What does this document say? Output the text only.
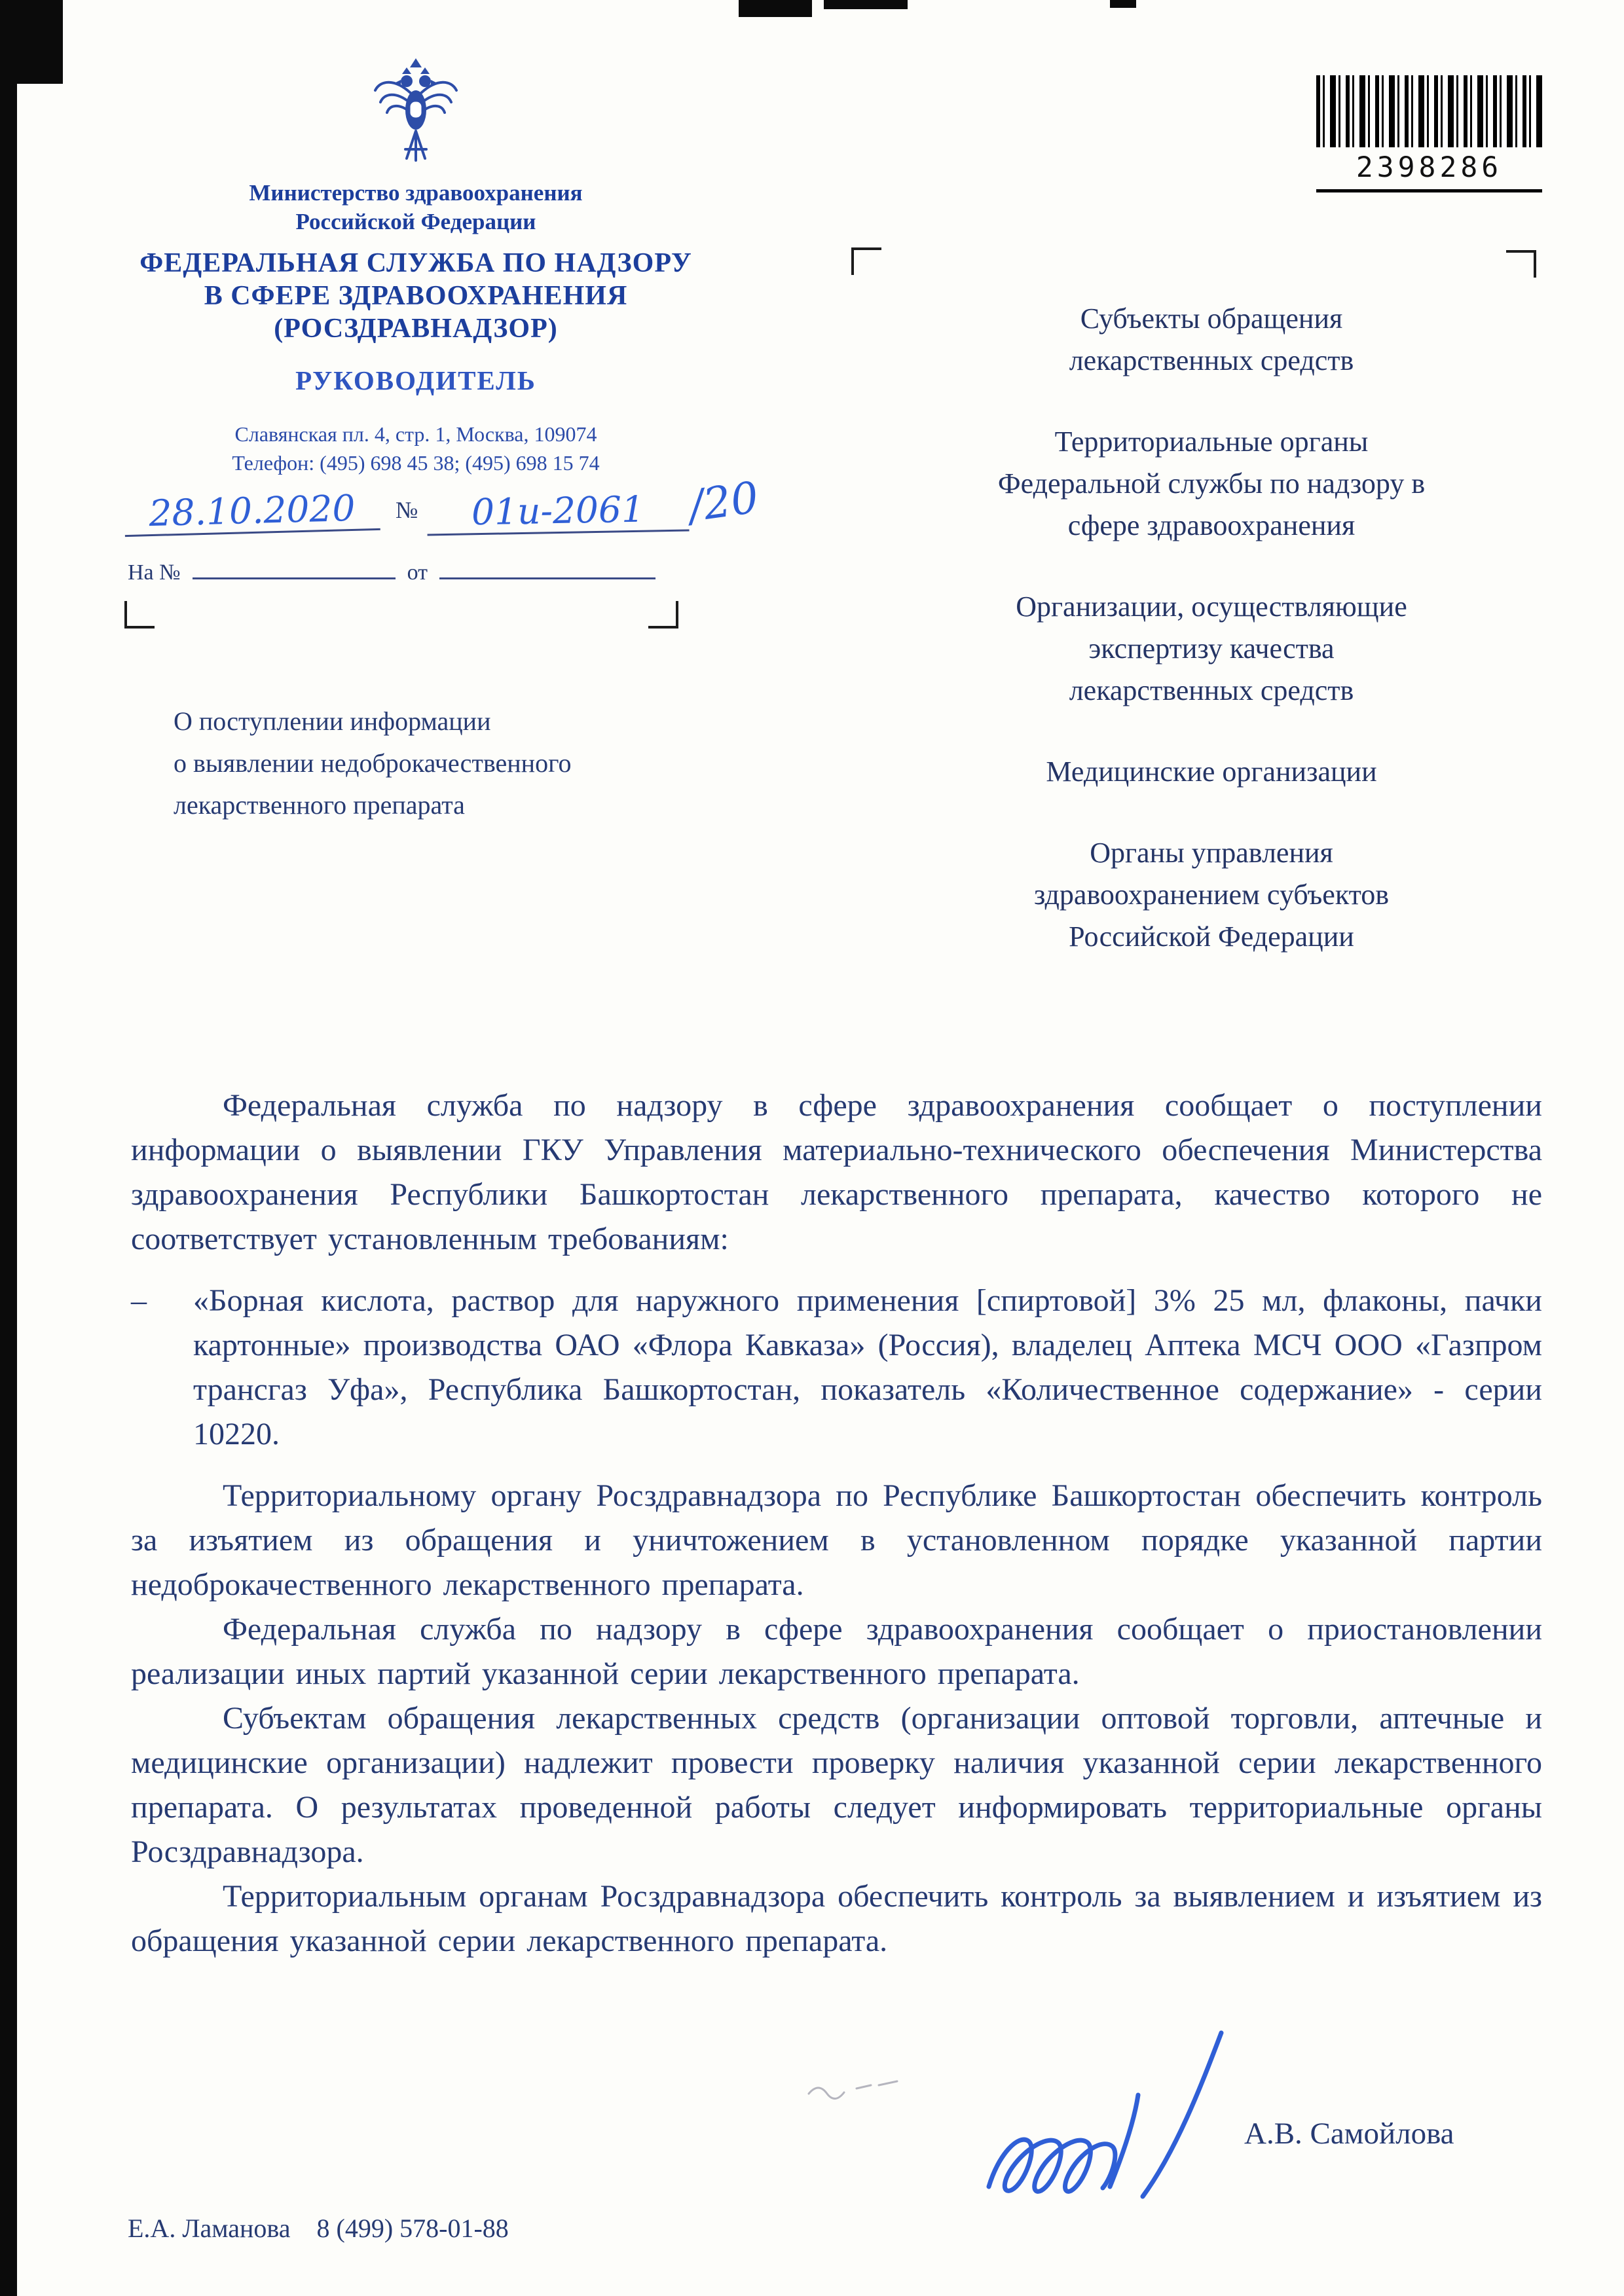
2398286
Министерство здравоохранения
Российской Федерации
ФЕДЕРАЛЬНАЯ СЛУЖБА ПО НАДЗОРУ
В СФЕРЕ ЗДРАВООХРАНЕНИЯ
(РОСЗДРАВНАДЗОР)
РУКОВОДИТЕЛЬ
Славянская пл. 4, стр. 1, Москва, 109074
Телефон: (495) 698 45 38; (495) 698 15 74
28.10.2020 № 01и-2061 /20
На №	от
Субъекты обращения
лекарственных средств
Территориальные органы
Федеральной службы по надзору в
сфере здравоохранения
Организации, осуществляющие
экспертизу качества
лекарственных средств
Медицинские организации
Органы управления
здравоохранением субъектов
Российской Федерации
О поступлении информации
о выявлении недоброкачественного
лекарственного препарата

Федеральная служба по надзору в сфере здравоохранения сообщает о поступлении информации о выявлении ГКУ Управления материально-технического обеспечения Министерства здравоохранения Республики Башкортостан лекарственного препарата, качество которого не соответствует установленным требованиям:

– «Борная кислота, раствор для наружного применения [спиртовой] 3% 25 мл, флаконы, пачки картонные» производства ОАО «Флора Кавказа» (Россия), владелец Аптека МСЧ ООО «Газпром трансгаз Уфа», Республика Башкортостан, показатель «Количественное содержание» - серии 10220.

Территориальному органу Росздравнадзора по Республике Башкортостан обеспечить контроль за изъятием из обращения и уничтожением в установленном порядке указанной партии недоброкачественного лекарственного препарата.

Федеральная служба по надзору в сфере здравоохранения сообщает о приостановлении реализации иных партий указанной серии лекарственного препарата.

Субъектам обращения лекарственных средств (организации оптовой торговли, аптечные и медицинские организации) надлежит провести проверку наличия указанной серии лекарственного препарата. О результатах проведенной работы следует информировать территориальные органы Росздравнадзора.

Территориальным органам Росздравнадзора обеспечить контроль за выявлением и изъятием из обращения указанной серии лекарственного препарата.

А.В. Самойлова
Е.А. Ламанова 8 (499) 578-01-88
